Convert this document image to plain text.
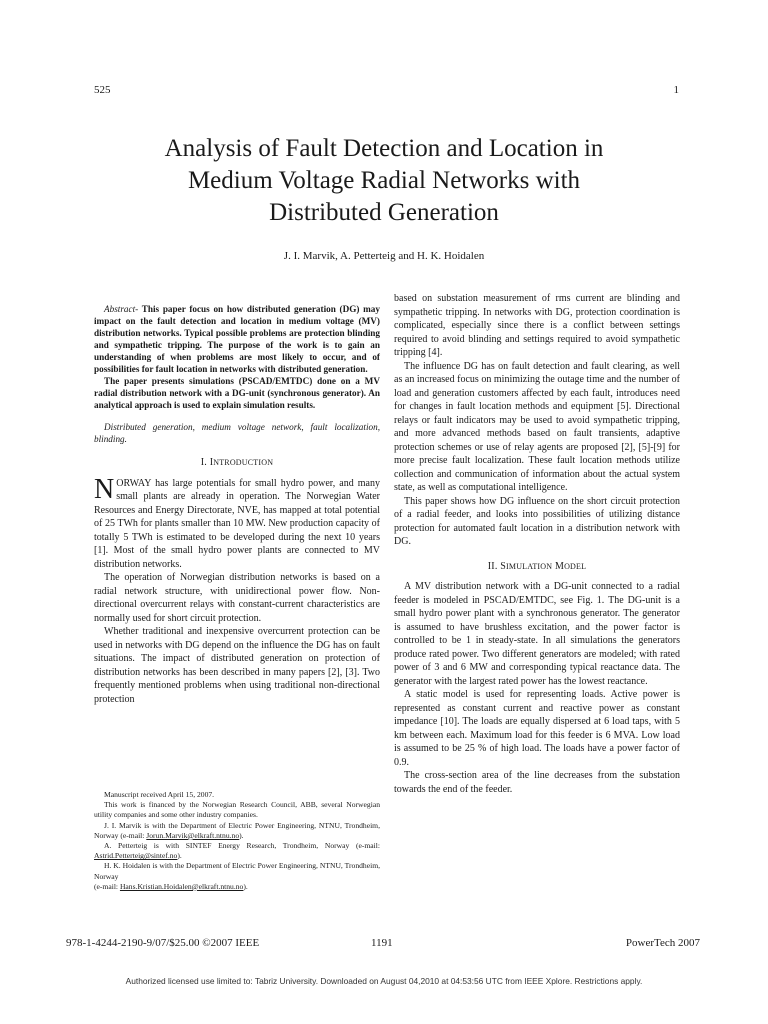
525	1
Analysis of Fault Detection and Location in
Medium Voltage Radial Networks with
Distributed Generation
J. I. Marvik, A. Petterteig and H. K. Hoidalen

Abstract- This paper focus on how distributed generation (DG) may impact on the fault detection and location in medium voltage (MV) distribution networks. Typical possible problems are protection blinding and sympathetic tripping. The purpose of the work is to gain an understanding of when problems are most likely to occur, and of possibilities for fault location in networks with distributed generation.

The paper presents simulations (PSCAD/EMTDC) done on a MV radial distribution network with a DG-unit (synchronous generator). An analytical approach is used to explain simulation results.

Distributed generation, medium voltage network, fault localization, blinding.

I. INTRODUCTION

NORWAY has large potentials for small hydro power, and many small plants are already in operation. The Norwegian Water Resources and Energy Directorate, NVE, has mapped at total potential of 25 TWh for plants smaller than 10 MW. New production capacity of totally 5 TWh is estimated to be developed during the next 10 years [1]. Most of the small hydro power plants are connected to MV distribution networks.

The operation of Norwegian distribution networks is based on a radial network structure, with unidirectional power flow. Non-directional overcurrent relays with constant-current characteristics are normally used for short circuit protection.

Whether traditional and inexpensive overcurrent protection can be used in networks with DG depend on the influence the DG has on fault situations. The impact of distributed generation on protection of distribution networks has been described in many papers [2], [3]. Two frequently mentioned problems when using traditional non-directional protection

Manuscript received April 15, 2007.

This work is financed by the Norwegian Research Council, ABB, several Norwegian utility companies and some other industry companies.

J. I. Marvik is with the Department of Electric Power Engineering, NTNU, Trondheim, Norway (e-mail: Jorun.Marvik@elkraft.ntnu.no).

A. Petterteig is with SINTEF Energy Research, Trondheim, Norway (e-mail: Astrid.Petterteig@sintef.no).

H. K. Hoidalen is with the Department of Electric Power Engineering, NTNU, Trondheim, Norway

(e-mail: Hans.Kristian.Hoidalen@elkraft.ntnu.no).

based on substation measurement of rms current are blinding and sympathetic tripping. In networks with DG, protection coordination is complicated, especially since there is a conflict between settings required to avoid blinding and settings required to avoid sympathetic tripping [4].

The influence DG has on fault detection and fault clearing, as well as an increased focus on minimizing the outage time and the number of load and generation customers affected by each fault, introduces need for changes in fault location methods and equipment [5]. Directional relays or fault indicators may be used to avoid sympathetic tripping, and more advanced methods based on fault transients, adaptive protection schemes or use of relay agents are proposed [2], [5]-[9] for more precise fault localization. These fault location methods utilize collection and communication of information about the actual system state, as well as computational intelligence.

This paper shows how DG influence on the short circuit protection of a radial feeder, and looks into possibilities of utilizing distance protection for automated fault location in a distribution network with DG.

II. SIMULATION MODEL

A MV distribution network with a DG-unit connected to a radial feeder is modeled in PSCAD/EMTDC, see Fig. 1. The DG-unit is a small hydro power plant with a synchronous generator. The generator is assumed to have brushless excitation, and the power factor is controlled to be 1 in steady-state. In all simulations the generators produce rated power. Two different generators are modeled; with rated power of 3 and 6 MW and corresponding typical reactance data. The generator with the largest rated power has the lowest reactance.

A static model is used for representing loads. Active power is represented as constant current and reactive power as constant impedance [10]. The loads are equally dispersed at 6 load taps, with 5 km between each. Maximum load for this feeder is 6 MVA. Low load is assumed to be 25 % of high load. The loads have a power factor of 0.9.

The cross-section area of the line decreases from the substation towards the end of the feeder.

978-1-4244-2190-9/07/$25.00 ©2007 IEEE	1191	PowerTech 2007
Authorized licensed use limited to: Tabriz University. Downloaded on August 04,2010 at 04:53:56 UTC from IEEE Xplore. Restrictions apply.
